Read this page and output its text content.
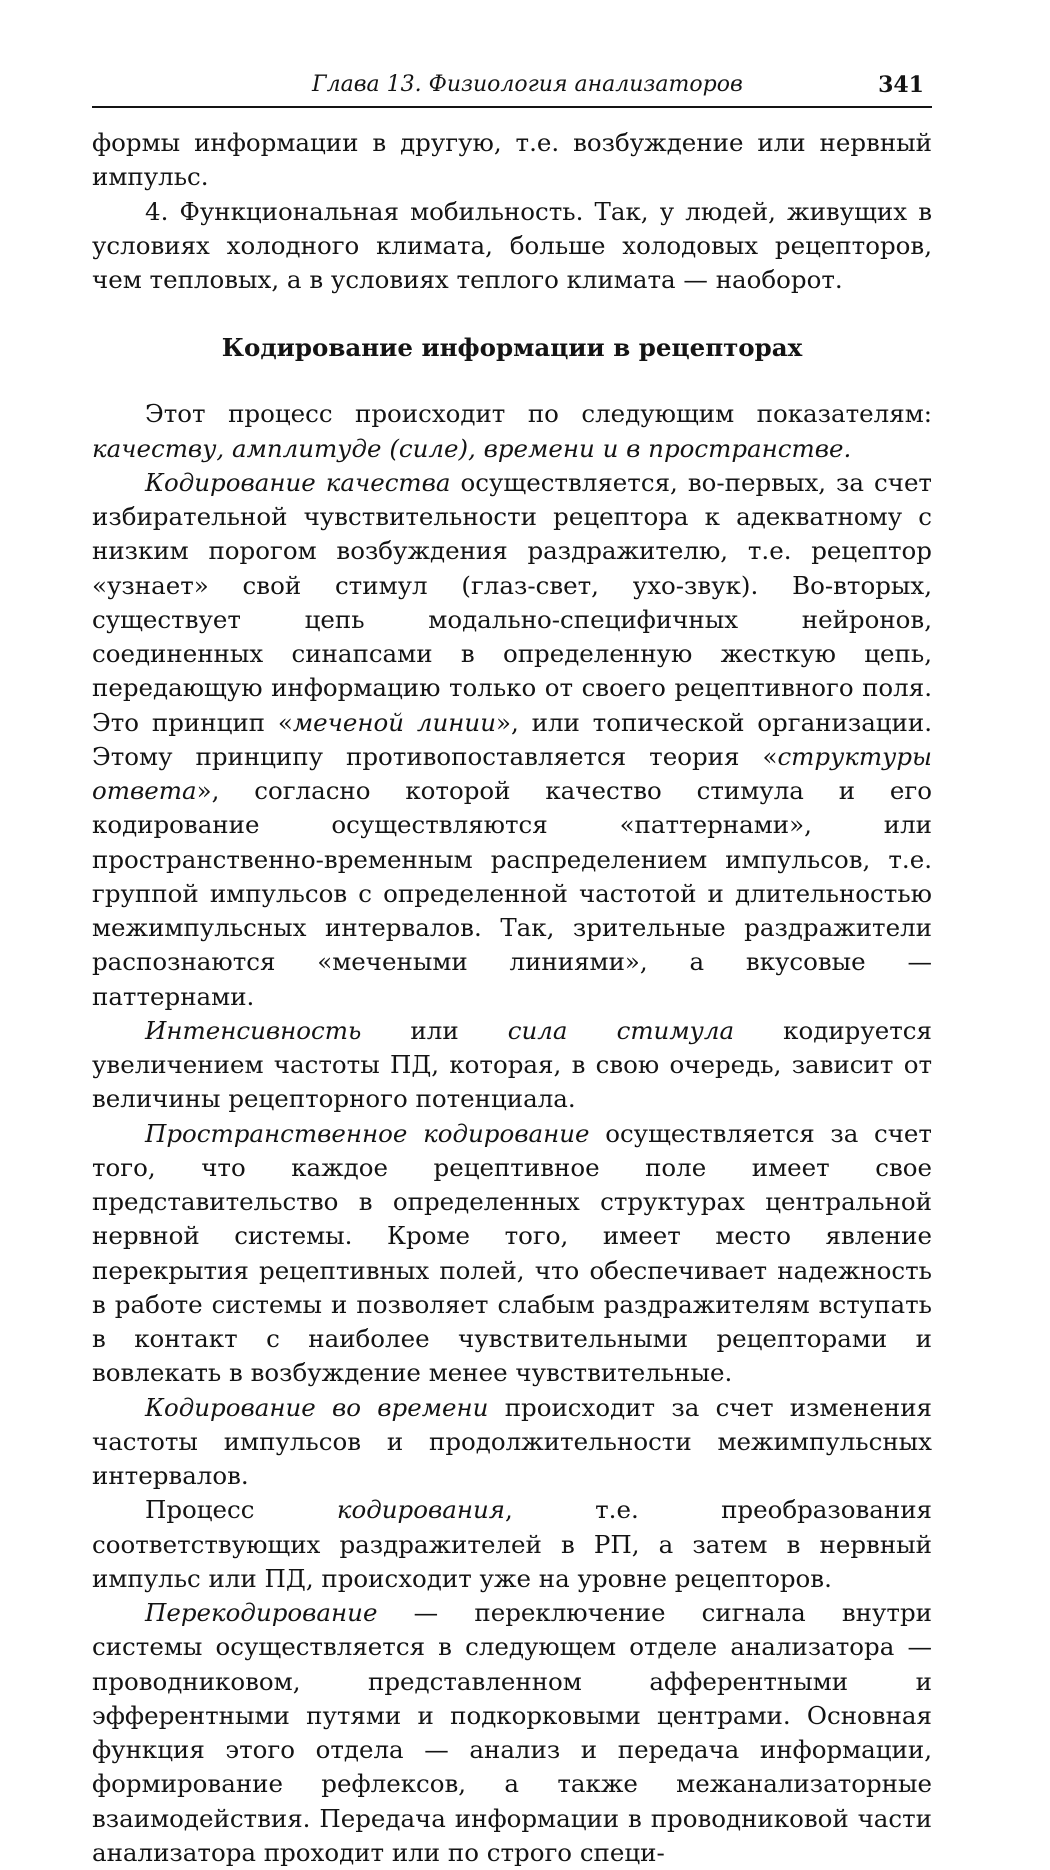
Глава 13. Физиология анализаторов	341

формы информации в другую, т.е. возбуждение или нервный импульс.

4. Функциональная мобильность. Так, у людей, живущих в условиях холодного климата, больше холодовых рецепторов, чем тепловых, а в условиях теплого климата — наоборот.

Кодирование информации в рецепторах

Этот процесс происходит по следующим показателям: качеству, амплитуде (силе), времени и в пространстве.

Кодирование качества осуществляется, во-первых, за счет избирательной чувствительности рецептора к адекватному с низким порогом возбуждения раздражителю, т.е. рецептор «узнает» свой стимул (глаз-свет, ухо-звук). Во-вторых, существует цепь модально-специфичных нейронов, соединенных синапсами в определенную жесткую цепь, передающую информацию только от своего рецептивного поля. Это принцип «меченой линии», или топической организации. Этому принципу противопоставляется теория «структуры ответа», согласно которой качество стимула и его кодирование осуществляются «паттернами», или пространственно-временным распределением импульсов, т.е. группой импульсов с определенной частотой и длительностью межимпульсных интервалов. Так, зрительные раздражители распознаются «мечеными линиями», а вкусовые — паттернами.

Интенсивность или сила стимула кодируется увеличением частоты ПД, которая, в свою очередь, зависит от величины рецепторного потенциала.

Пространственное кодирование осуществляется за счет того, что каждое рецептивное поле имеет свое представительство в определенных структурах центральной нервной системы. Кроме того, имеет место явление перекрытия рецептивных полей, что обеспечивает надежность в работе системы и позволяет слабым раздражителям вступать в контакт с наиболее чувствительными рецепторами и вовлекать в возбуждение менее чувствительные.

Кодирование во времени происходит за счет изменения частоты импульсов и продолжительности межимпульсных интервалов.

Процесс кодирования, т.е. преобразования соответствующих раздражителей в РП, а затем в нервный импульс или ПД, происходит уже на уровне рецепторов.

Перекодирование — переключение сигнала внутри системы осуществляется в следующем отделе анализатора — проводниковом, представленном афферентными и эфферентными путями и подкорковыми центрами. Основная функция этого отдела — анализ и передача информации, формирование рефлексов, а также межанализаторные взаимодействия. Передача информации в проводниковой части анализатора проходит или по строго специ-
